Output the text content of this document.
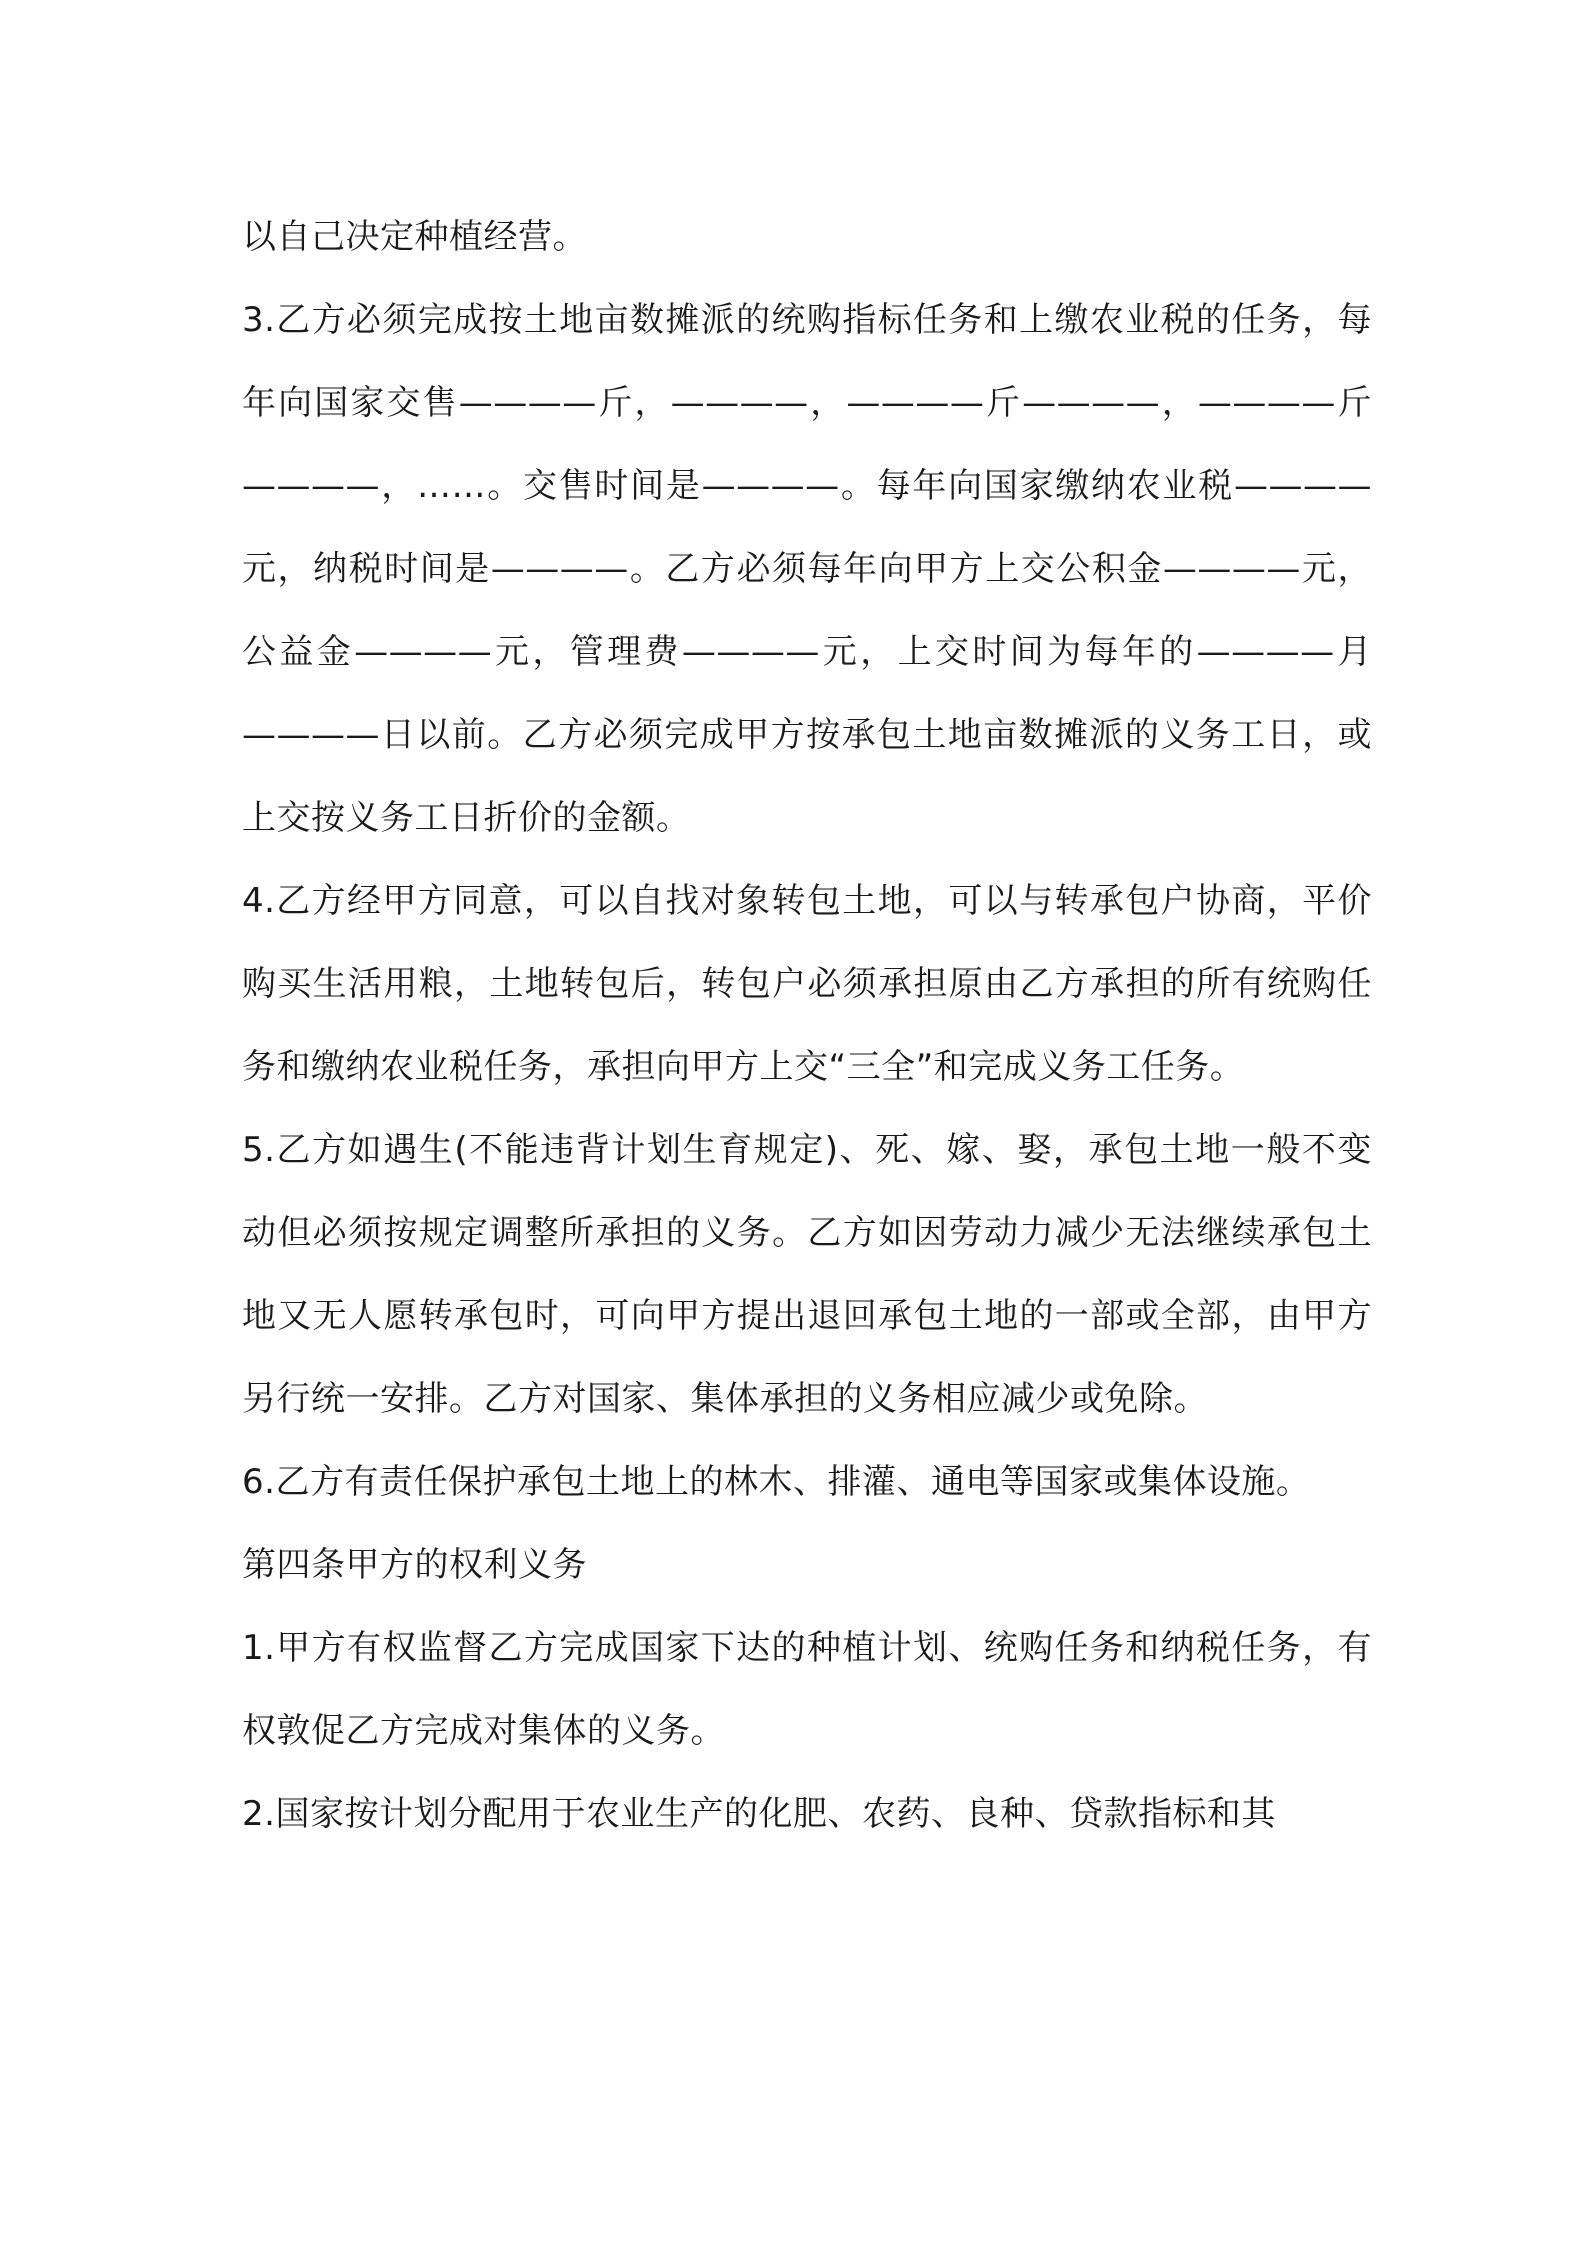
以自己决定种植经营。

3.乙方必须完成按土地亩数摊派的统购指标任务和上缴农业税的任务，每年向国家交售————斤，————，————斤————，————斤————，……。交售时间是————。每年向国家缴纳农业税————元，纳税时间是————。乙方必须每年向甲方上交公积金————元，公益金————元，管理费————元，上交时间为每年的————月————日以前。乙方必须完成甲方按承包土地亩数摊派的义务工日，或上交按义务工日折价的金额。

4.乙方经甲方同意，可以自找对象转包土地，可以与转承包户协商，平价购买生活用粮，土地转包后，转包户必须承担原由乙方承担的所有统购任务和缴纳农业税任务，承担向甲方上交“三全”和完成义务工任务。

5.乙方如遇生(不能违背计划生育规定)、死、嫁、娶，承包土地一般不变动但必须按规定调整所承担的义务。乙方如因劳动力减少无法继续承包土地又无人愿转承包时，可向甲方提出退回承包土地的一部或全部，由甲方另行统一安排。乙方对国家、集体承担的义务相应减少或免除。

6.乙方有责任保护承包土地上的林木、排灌、通电等国家或集体设施。

第四条甲方的权利义务

1.甲方有权监督乙方完成国家下达的种植计划、统购任务和纳税任务，有权敦促乙方完成对集体的义务。

2.国家按计划分配用于农业生产的化肥、农药、良种、贷款指标和其
